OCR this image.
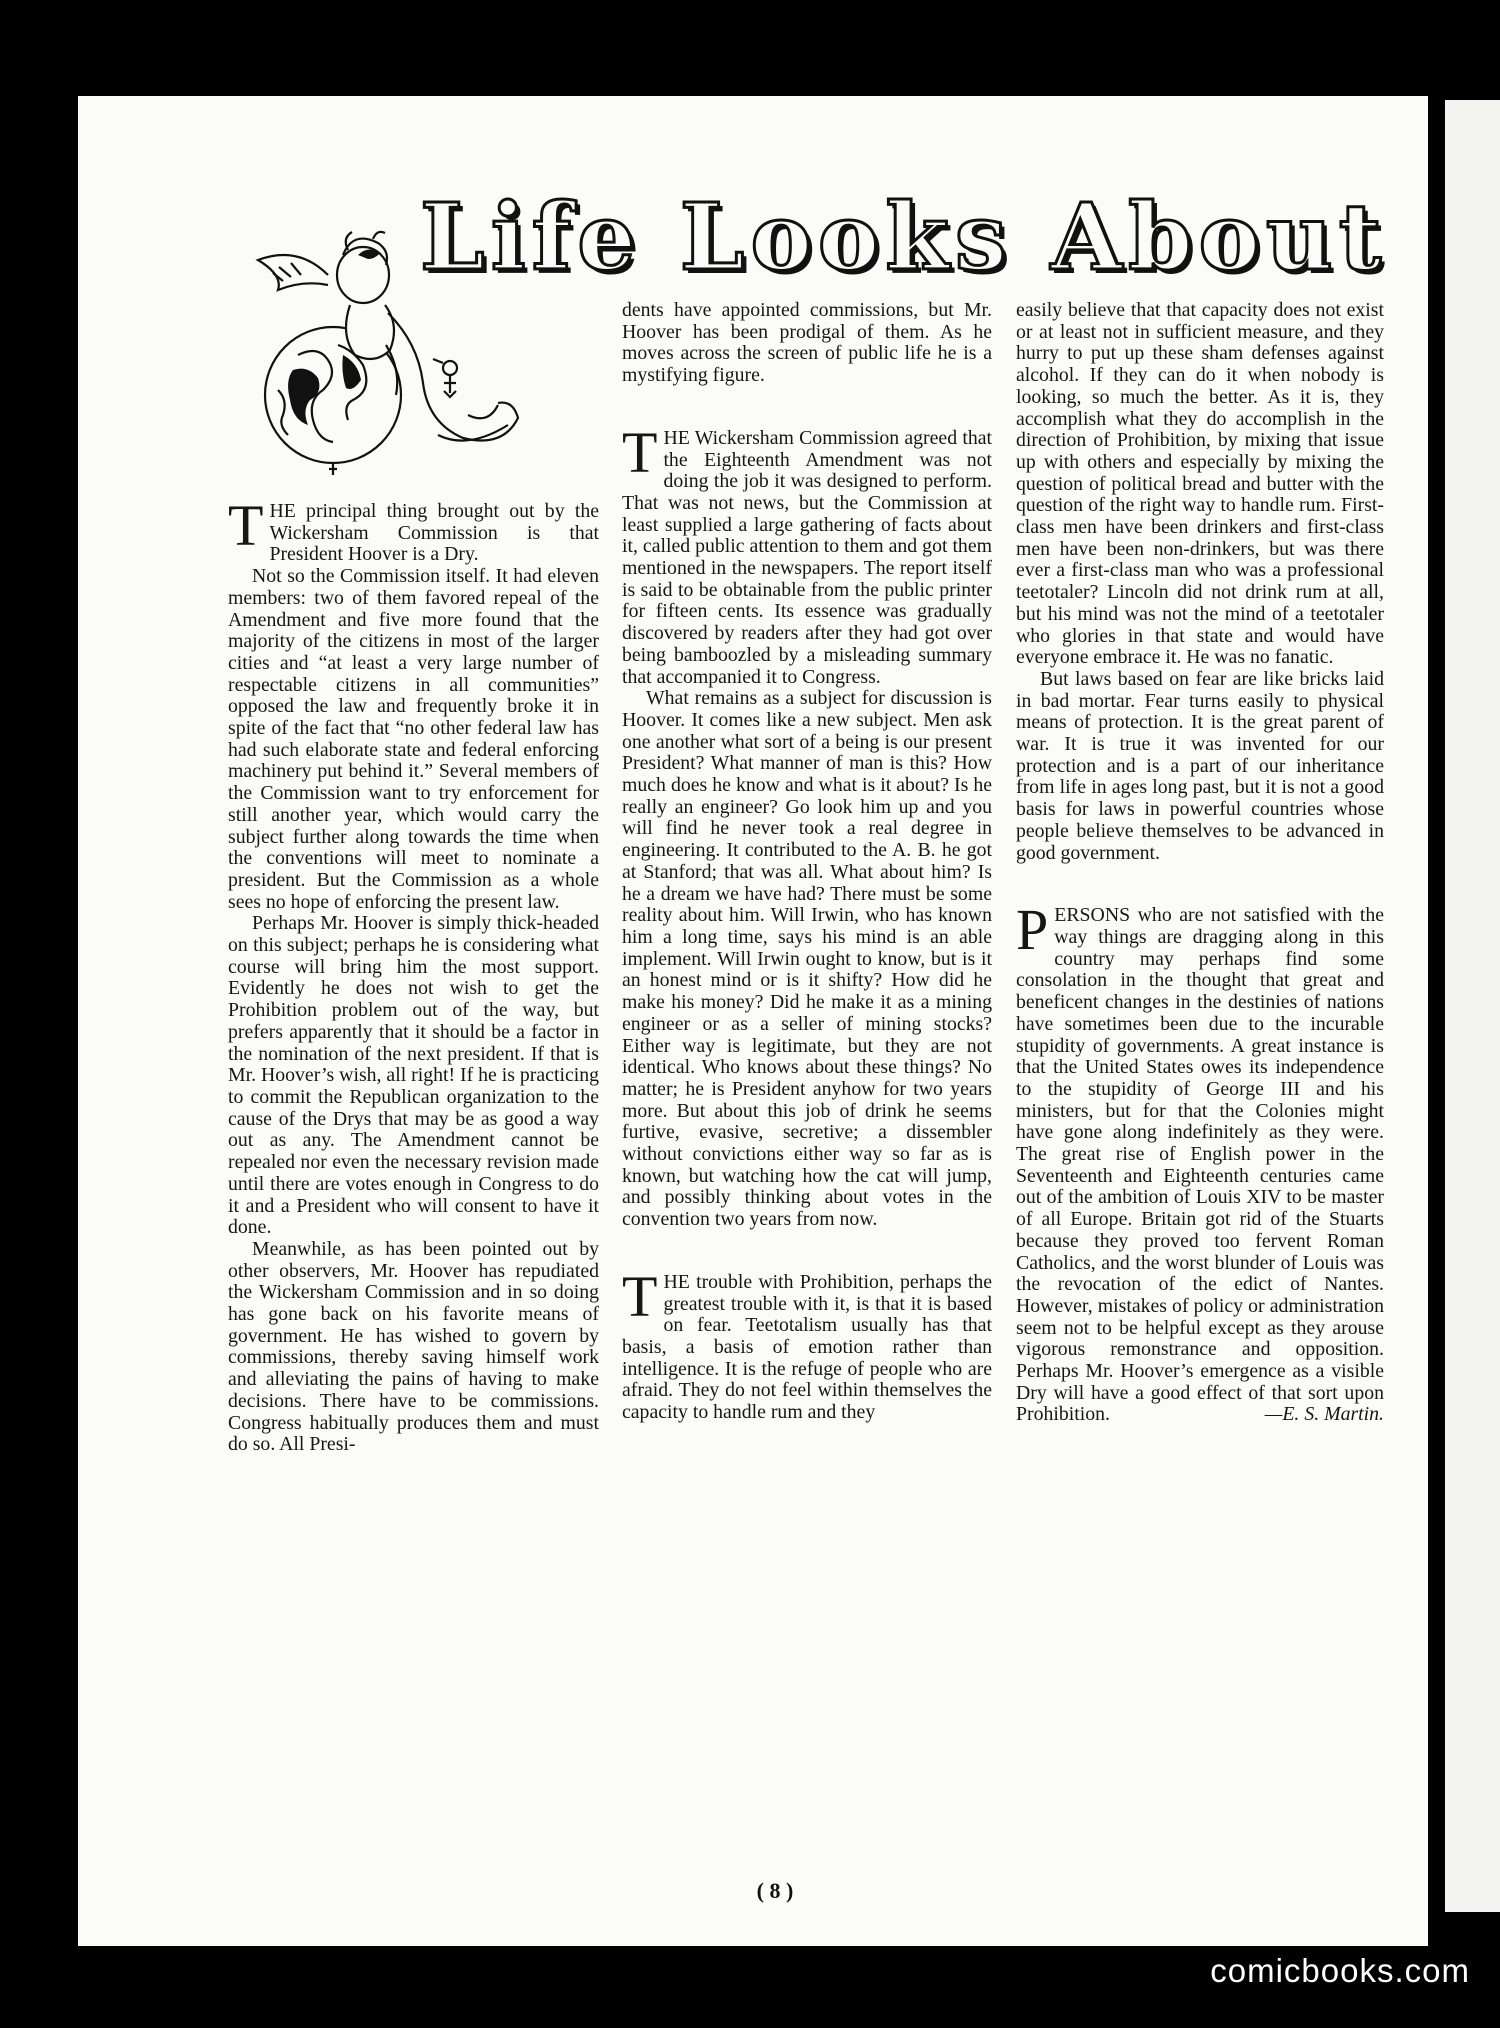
Life Looks About

THE principal thing brought out by the Wickersham Commission is that President Hoover is a Dry.

Not so the Commission itself. It had eleven members: two of them favored repeal of the Amendment and five more found that the majority of the citizens in most of the larger cities and “at least a very large number of respectable citizens in all communities” opposed the law and frequently broke it in spite of the fact that “no other federal law has had such elaborate state and federal enforcing machinery put behind it.” Several members of the Commission want to try enforcement for still another year, which would carry the subject further along towards the time when the conventions will meet to nominate a president. But the Commission as a whole sees no hope of enforcing the present law.

Perhaps Mr. Hoover is simply thick-headed on this subject; perhaps he is considering what course will bring him the most support. Evidently he does not wish to get the Prohibition problem out of the way, but prefers apparently that it should be a factor in the nomination of the next president. If that is Mr. Hoover’s wish, all right! If he is practicing to commit the Republican organization to the cause of the Drys that may be as good a way out as any. The Amendment cannot be repealed nor even the necessary revision made until there are votes enough in Congress to do it and a President who will consent to have it done.

Meanwhile, as has been pointed out by other observers, Mr. Hoover has repudiated the Wickersham Commission and in so doing has gone back on his favorite means of government. He has wished to govern by commissions, thereby saving himself work and alleviating the pains of having to make decisions. There have to be commissions. Congress habitually produces them and must do so. All Presi-

dents have appointed commissions, but Mr. Hoover has been prodigal of them. As he moves across the screen of public life he is a mystifying figure.

THE Wickersham Commission agreed that the Eighteenth Amendment was not doing the job it was designed to perform. That was not news, but the Commission at least supplied a large gathering of facts about it, called public attention to them and got them mentioned in the newspapers. The report itself is said to be obtainable from the public printer for fifteen cents. Its essence was gradually discovered by readers after they had got over being bamboozled by a misleading summary that accompanied it to Congress.

What remains as a subject for discussion is Hoover. It comes like a new subject. Men ask one another what sort of a being is our present President? What manner of man is this? How much does he know and what is it about? Is he really an engineer? Go look him up and you will find he never took a real degree in engineering. It contributed to the A. B. he got at Stanford; that was all. What about him? Is he a dream we have had? There must be some reality about him. Will Irwin, who has known him a long time, says his mind is an able implement. Will Irwin ought to know, but is it an honest mind or is it shifty? How did he make his money? Did he make it as a mining engineer or as a seller of mining stocks? Either way is legitimate, but they are not identical. Who knows about these things? No matter; he is President anyhow for two years more. But about this job of drink he seems furtive, evasive, secretive; a dissembler without convictions either way so far as is known, but watching how the cat will jump, and possibly thinking about votes in the convention two years from now.

THE trouble with Prohibition, perhaps the greatest trouble with it, is that it is based on fear. Teetotalism usually has that basis, a basis of emotion rather than intelligence. It is the refuge of people who are afraid. They do not feel within themselves the capacity to handle rum and they

easily believe that that capacity does not exist or at least not in sufficient measure, and they hurry to put up these sham defenses against alcohol. If they can do it when nobody is looking, so much the better. As it is, they accomplish what they do accomplish in the direction of Prohibition, by mixing that issue up with others and especially by mixing the question of political bread and butter with the question of the right way to handle rum. First-class men have been drinkers and first-class men have been non-drinkers, but was there ever a first-class man who was a professional teetotaler? Lincoln did not drink rum at all, but his mind was not the mind of a teetotaler who glories in that state and would have everyone embrace it. He was no fanatic.

But laws based on fear are like bricks laid in bad mortar. Fear turns easily to physical means of protection. It is the great parent of war. It is true it was invented for our protection and is a part of our inheritance from life in ages long past, but it is not a good basis for laws in powerful countries whose people believe themselves to be advanced in good government.

PERSONS who are not satisfied with the way things are dragging along in this country may perhaps find some consolation in the thought that great and beneficent changes in the destinies of nations have sometimes been due to the incurable stupidity of governments. A great instance is that the United States owes its independence to the stupidity of George III and his ministers, but for that the Colonies might have gone along indefinitely as they were. The great rise of English power in the Seventeenth and Eighteenth centuries came out of the ambition of Louis XIV to be master of all Europe. Britain got rid of the Stuarts because they proved too fervent Roman Catholics, and the worst blunder of Louis was the revocation of the edict of Nantes. However, mistakes of policy or administration seem not to be helpful except as they arouse vigorous remonstrance and opposition. Perhaps Mr. Hoover’s emergence as a visible Dry will have a good effect of that sort upon Prohibition.	—E. S. Martin.

( 8 )
comicbooks.com
